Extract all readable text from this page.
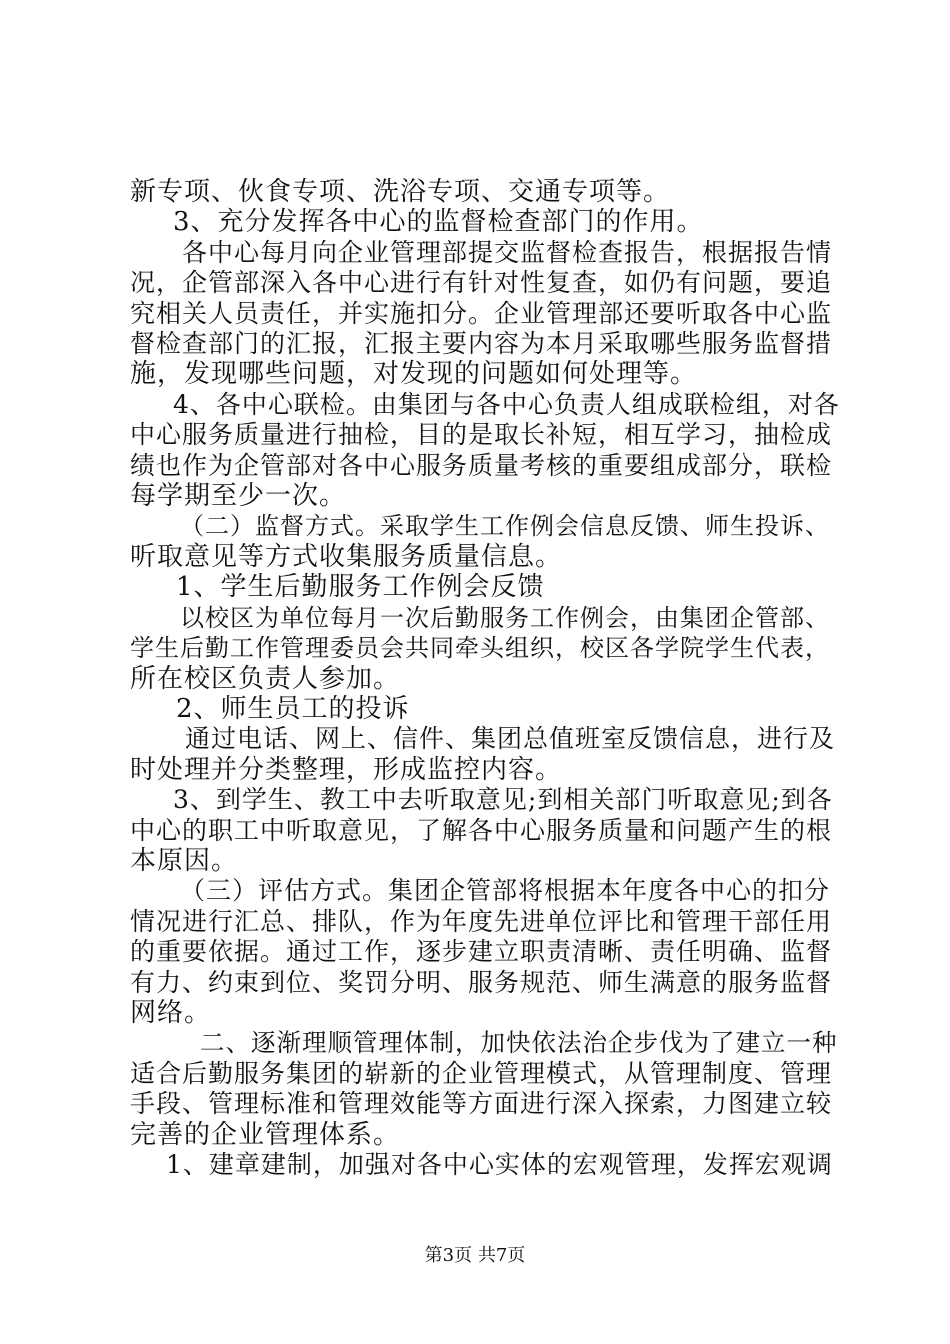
新专项、伙食专项、洗浴专项、交通专项等。
3、充分发挥各中心的监督检查部门的作用。
各中心每月向企业管理部提交监督检查报告，根据报告情
况，企管部深入各中心进行有针对性复查，如仍有问题，要追
究相关人员责任，并实施扣分。企业管理部还要听取各中心监
督检查部门的汇报，汇报主要内容为本月采取哪些服务监督措
施，发现哪些问题，对发现的问题如何处理等。
4、各中心联检。由集团与各中心负责人组成联检组，对各
中心服务质量进行抽检，目的是取长补短，相互学习，抽检成
绩也作为企管部对各中心服务质量考核的重要组成部分，联检
每学期至少一次。
（二）监督方式。采取学生工作例会信息反馈、师生投诉、
听取意见等方式收集服务质量信息。
1、学生后勤服务工作例会反馈
以校区为单位每月一次后勤服务工作例会，由集团企管部、
学生后勤工作管理委员会共同牵头组织，校区各学院学生代表，
所在校区负责人参加。
2、师生员工的投诉
通过电话、网上、信件、集团总值班室反馈信息，进行及
时处理并分类整理，形成监控内容。
3、到学生、教工中去听取意见;到相关部门听取意见;到各
中心的职工中听取意见，了解各中心服务质量和问题产生的根
本原因。
（三）评估方式。集团企管部将根据本年度各中心的扣分
情况进行汇总、排队，作为年度先进单位评比和管理干部任用
的重要依据。通过工作，逐步建立职责清晰、责任明确、监督
有力、约束到位、奖罚分明、服务规范、师生满意的服务监督
网络。
二、逐渐理顺管理体制，加快依法治企步伐为了建立一种
适合后勤服务集团的崭新的企业管理模式，从管理制度、管理
手段、管理标准和管理效能等方面进行深入探索，力图建立较
完善的企业管理体系。
1、建章建制，加强对各中心实体的宏观管理，发挥宏观调
第3页 共7页
